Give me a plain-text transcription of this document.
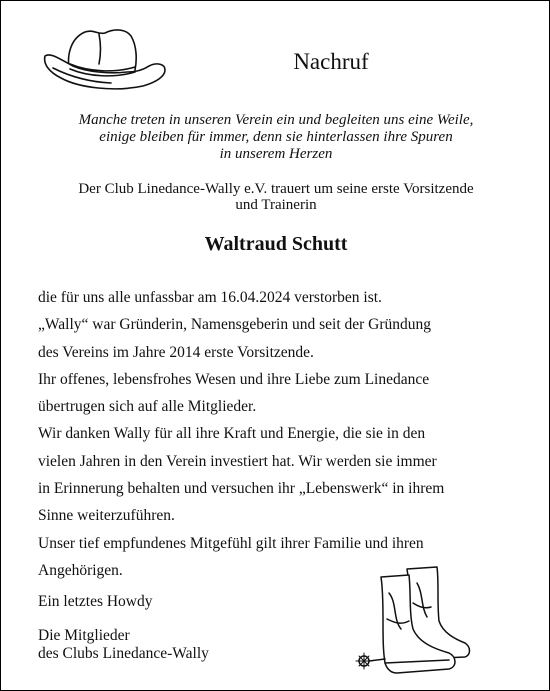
Nachruf
Manche treten in unseren Verein ein und begleiten uns eine Weile,
einige bleiben für immer, denn sie hinterlassen ihre Spuren
in unserem Herzen
Der Club Linedance-Wally e.V. trauert um seine erste Vorsitzende
und Trainerin
Waltraud Schutt
die für uns alle unfassbar am 16.04.2024 verstorben ist.
„Wally“ war Gründerin, Namensgeberin und seit der Gründung
des Vereins im Jahre 2014 erste Vorsitzende.
Ihr offenes, lebensfrohes Wesen und ihre Liebe zum Linedance
übertrugen sich auf alle Mitglieder.
Wir danken Wally für all ihre Kraft und Energie, die sie in den
vielen Jahren in den Verein investiert hat. Wir werden sie immer
in Erinnerung behalten und versuchen ihr „Lebenswerk“ in ihrem
Sinne weiterzuführen.
Unser tief empfundenes Mitgefühl gilt ihrer Familie und ihren
Angehörigen.
Ein letztes Howdy
Die Mitglieder
des Clubs Linedance-Wally
